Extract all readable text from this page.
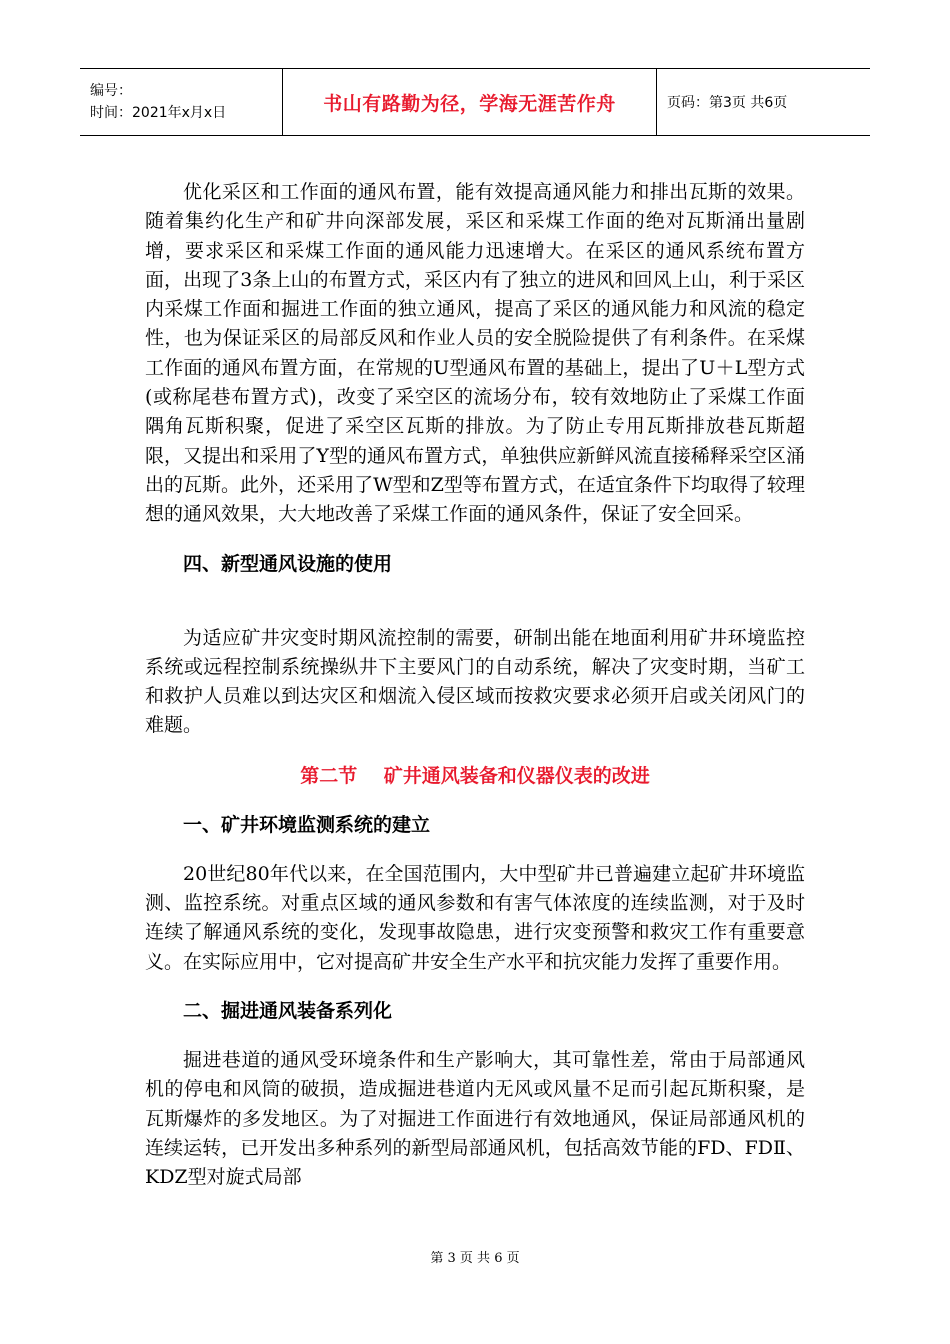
编号：
时间：2021年x月x日	书山有路勤为径，学海无涯苦作舟	页码：第3页 共6页

优化采区和工作面的通风布置，能有效提高通风能力和排出瓦斯的效果。随着集约化生产和矿井向深部发展，采区和采煤工作面的绝对瓦斯涌出量剧增，要求采区和采煤工作面的通风能力迅速增大。在采区的通风系统布置方面，出现了3条上山的布置方式，采区内有了独立的进风和回风上山，利于采区内采煤工作面和掘进工作面的独立通风，提高了采区的通风能力和风流的稳定性，也为保证采区的局部反风和作业人员的安全脱险提供了有利条件。在采煤工作面的通风布置方面，在常规的U型通风布置的基础上，提出了U＋L型方式(或称尾巷布置方式)，改变了采空区的流场分布，较有效地防止了采煤工作面隅角瓦斯积聚，促进了采空区瓦斯的排放。为了防止专用瓦斯排放巷瓦斯超限，又提出和采用了Y型的通风布置方式，单独供应新鲜风流直接稀释采空区涌出的瓦斯。此外，还采用了W型和Z型等布置方式，在适宜条件下均取得了较理想的通风效果，大大地改善了采煤工作面的通风条件，保证了安全回采。

四、新型通风设施的使用

为适应矿井灾变时期风流控制的需要，研制出能在地面利用矿井环境监控系统或远程控制系统操纵井下主要风门的自动系统，解决了灾变时期，当矿工和救护人员难以到达灾区和烟流入侵区域而按救灾要求必须开启或关闭风门的难题。

第二节    矿井通风装备和仪器仪表的改进

一、矿井环境监测系统的建立

20世纪80年代以来，在全国范围内，大中型矿井已普遍建立起矿井环境监测、监控系统。对重点区域的通风参数和有害气体浓度的连续监测，对于及时连续了解通风系统的变化，发现事故隐患，进行灾变预警和救灾工作有重要意义。在实际应用中，它对提高矿井安全生产水平和抗灾能力发挥了重要作用。

二、掘进通风装备系列化

掘进巷道的通风受环境条件和生产影响大，其可靠性差，常由于局部通风机的停电和风筒的破损，造成掘进巷道内无风或风量不足而引起瓦斯积聚，是瓦斯爆炸的多发地区。为了对掘进工作面进行有效地通风，保证局部通风机的连续运转，已开发出多种系列的新型局部通风机，包括高效节能的FD、FDⅡ、KDZ型对旋式局部

第 3 页 共 6 页
